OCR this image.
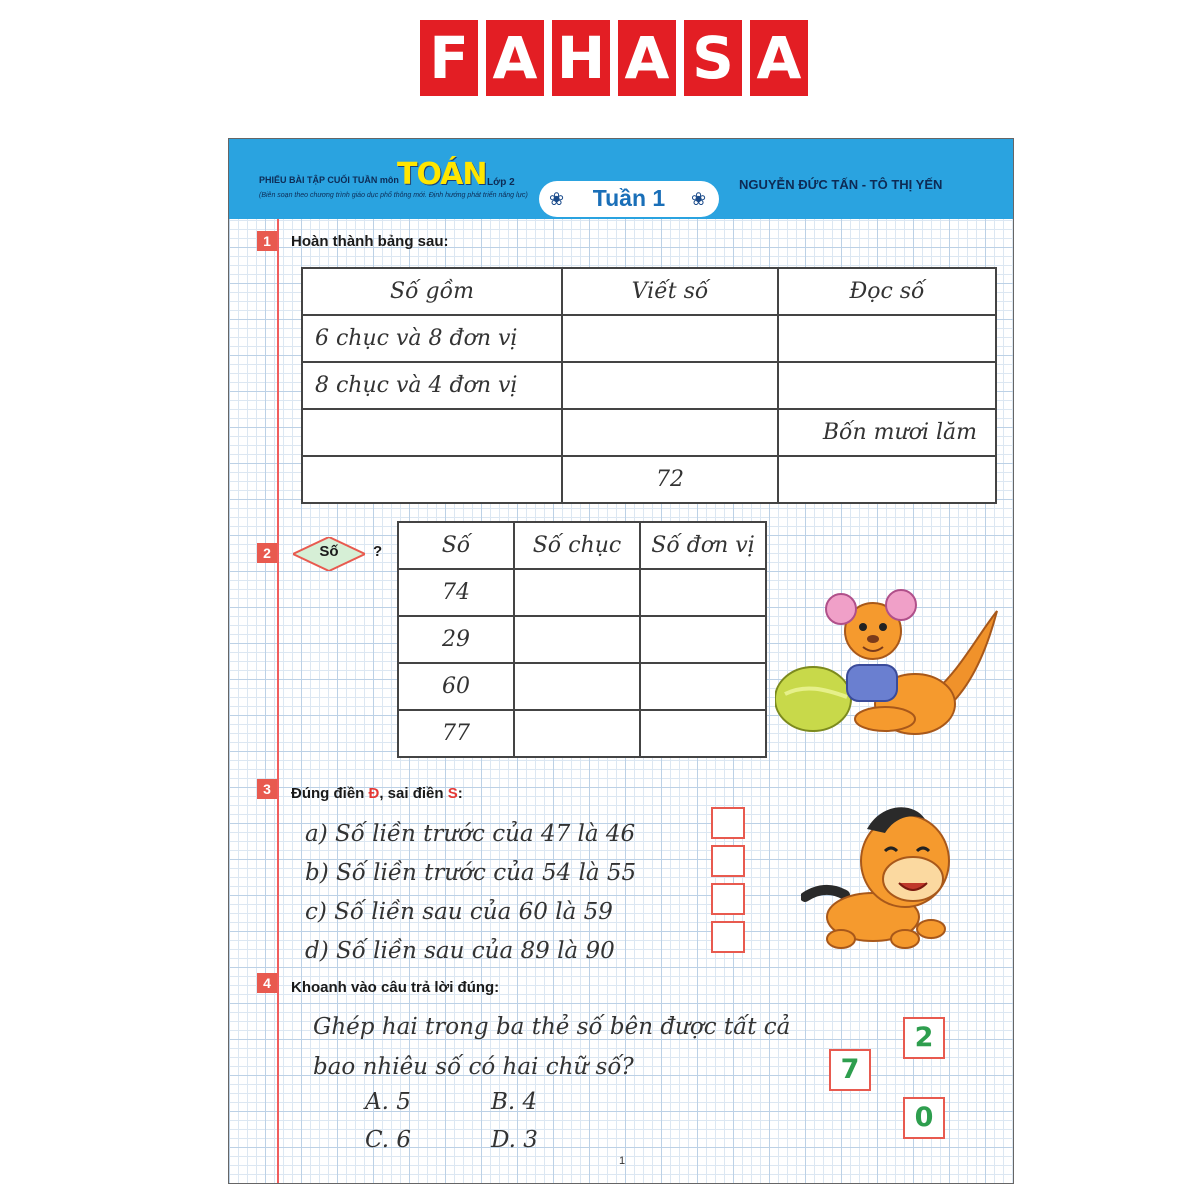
F A H A S A
PHIẾU BÀI TẬP CUỐI TUẦN môn
TOÁN Lớp 2
(Biên soạn theo chương trình giáo dục phổ thông mới. Định hướng phát triển năng lực)	❀	Tuần 1	❀
NGUYỄN ĐỨC TẤN - TÔ THỊ YẾN
1	Hoàn thành bảng sau:
Số gồm	Viết số	Đọc số
6 chục và 8 đơn vị		
8 chục và 4 đơn vị		
		Bốn mươi lăm
	72	
2	Số	?	Số	Số chục	Số đơn vị
74		
29		
60		
77		
3	Đúng điền Đ, sai điền S:
a) Số liền trước của 47 là 46
b) Số liền trước của 54 là 55
c) Số liền sau của 60 là 59
d) Số liền sau của 89 là 90
4	Khoanh vào câu trả lời đúng:
Ghép hai trong ba thẻ số bên được tất cả bao nhiêu số có hai chữ số?
A. 5	B. 4
C. 6	D. 3
2
7
0
1
